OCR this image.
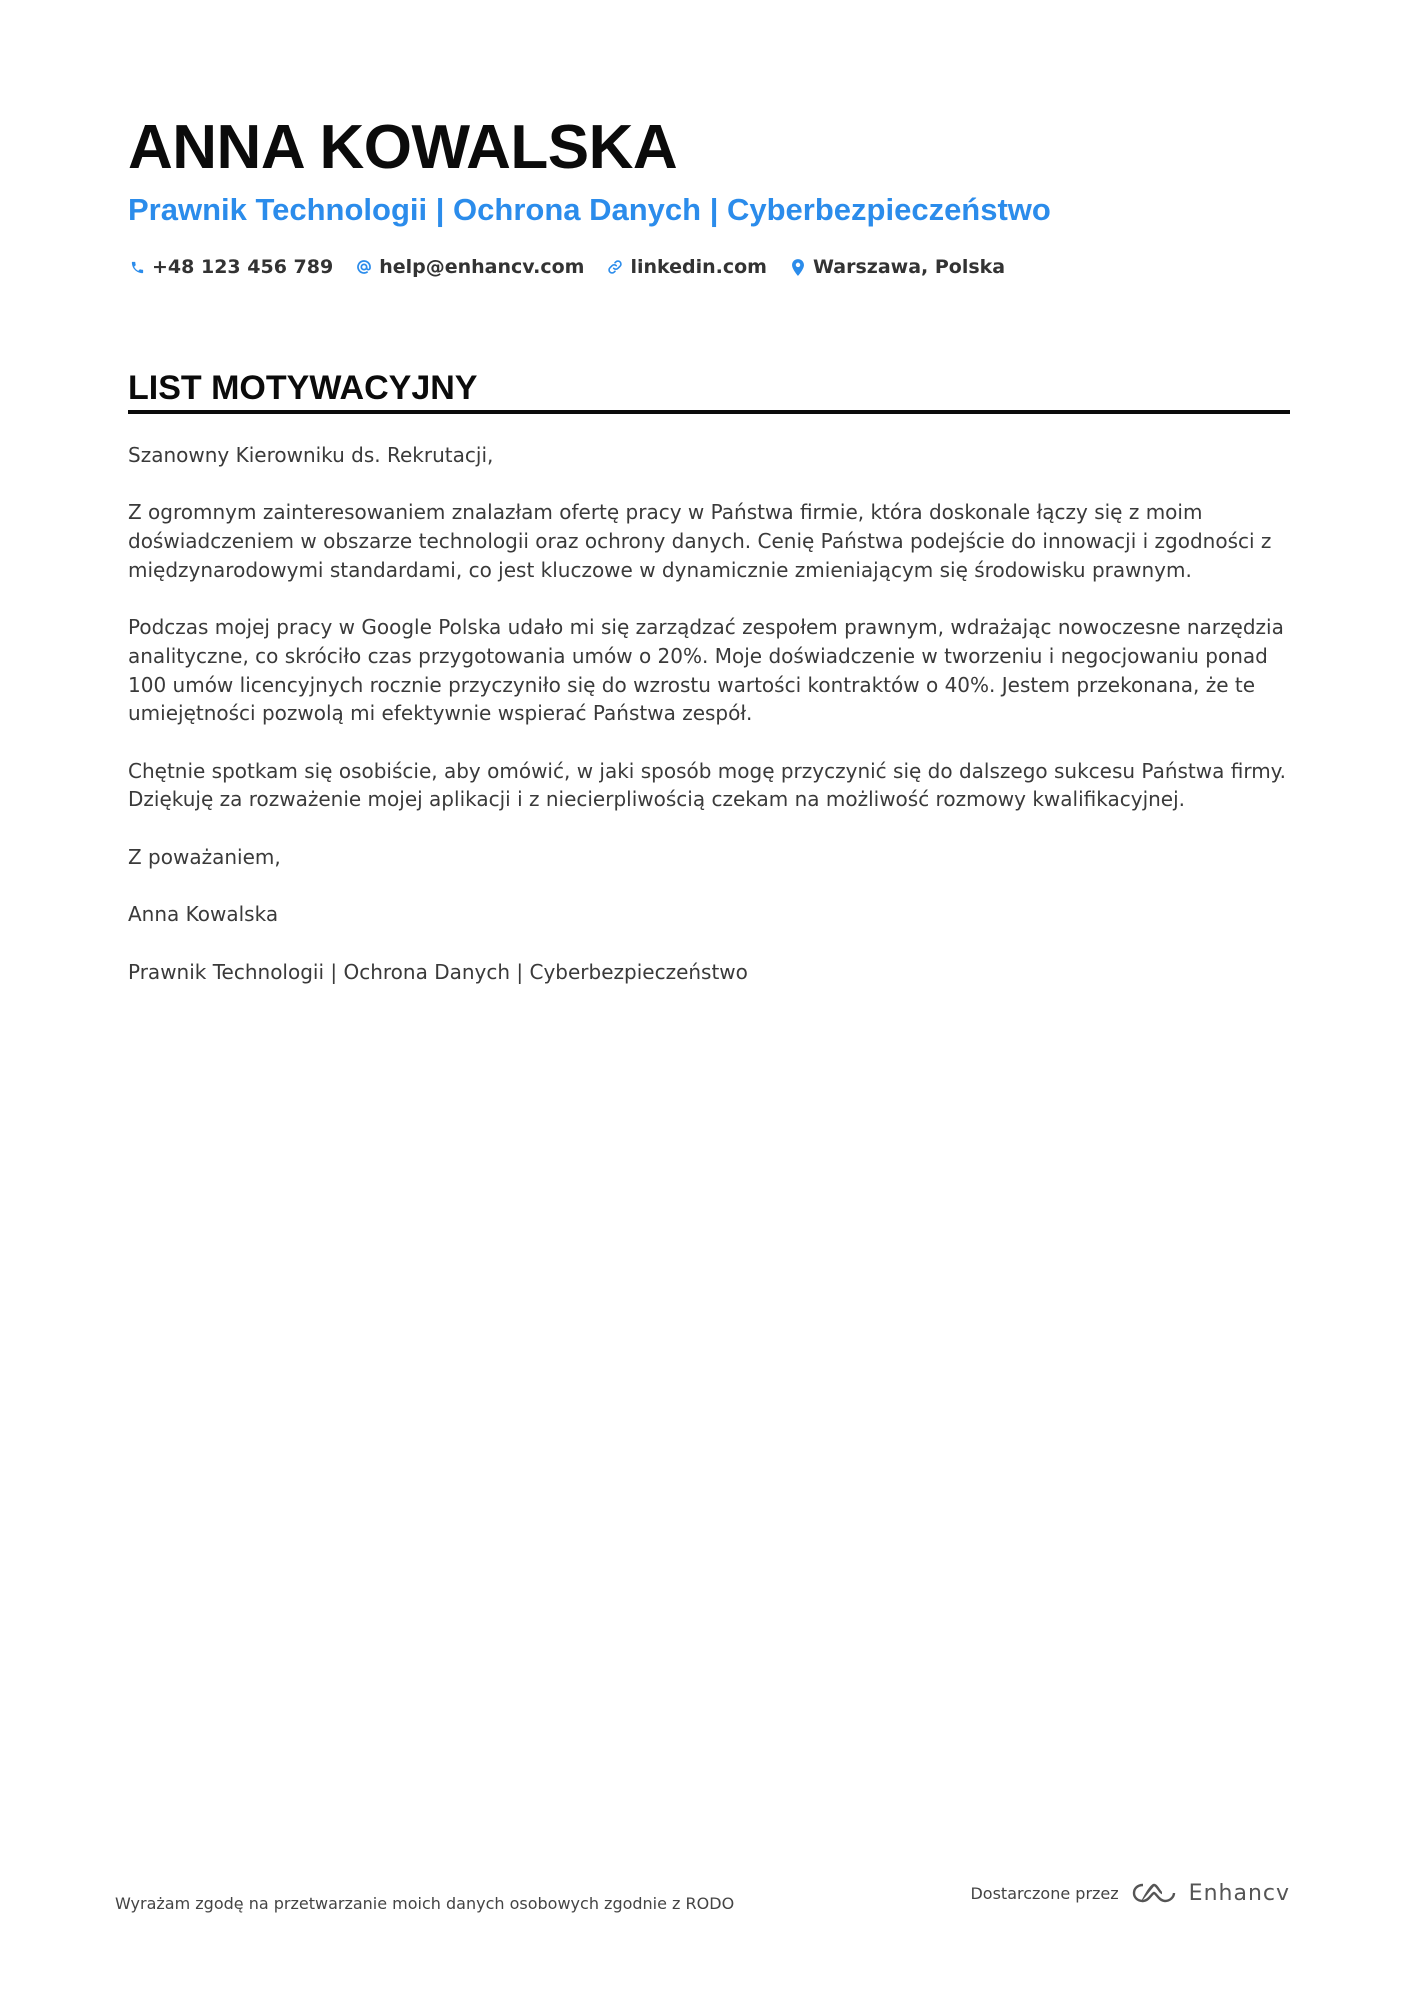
ANNA KOWALSKA
Prawnik Technologii | Ochrona Danych | Cyberbezpieczeństwo
+48 123 456 789 help@enhancv.com linkedin.com Warszawa, Polska
LIST MOTYWACYJNY

Szanowny Kierowniku ds. Rekrutacji,

Z ogromnym zainteresowaniem znalazłam ofertę pracy w Państwa firmie, która doskonale łączy się z moim doświadczeniem w obszarze technologii oraz ochrony danych. Cenię Państwa podejście do innowacji i zgodności z międzynarodowymi standardami, co jest kluczowe w dynamicznie zmieniającym się środowisku prawnym.

Podczas mojej pracy w Google Polska udało mi się zarządzać zespołem prawnym, wdrażając nowoczesne narzędzia analityczne, co skróciło czas przygotowania umów o 20%. Moje doświadczenie w tworzeniu i negocjowaniu ponad 100 umów licencyjnych rocznie przyczyniło się do wzrostu wartości kontraktów o 40%. Jestem przekonana, że te umiejętności pozwolą mi efektywnie wspierać Państwa zespół.

Chętnie spotkam się osobiście, aby omówić, w jaki sposób mogę przyczynić się do dalszego sukcesu Państwa firmy. Dziękuję za rozważenie mojej aplikacji i z niecierpliwością czekam na możliwość rozmowy kwalifikacyjnej.

Z poważaniem,

Anna Kowalska

Prawnik Technologii | Ochrona Danych | Cyberbezpieczeństwo

Wyrażam zgodę na przetwarzanie moich danych osobowych zgodnie z RODO
Dostarczone przez	Enhancv
